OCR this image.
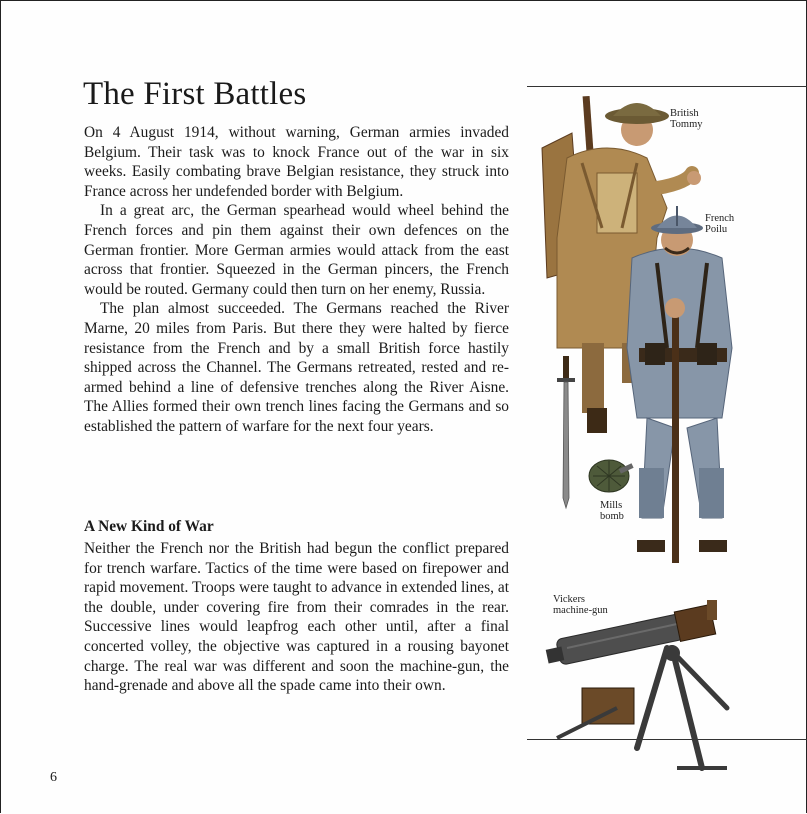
The First Battles

On 4 August 1914, without warning, German armies invaded Belgium. Their task was to knock France out of the war in six weeks. Easily combating brave Belgian resistance, they struck into France across her undefended border with Belgium.

In a great arc, the German spearhead would wheel behind the French forces and pin them against their own defences on the German frontier. More German armies would attack from the east across that frontier. Squeezed in the German pincers, the French would be routed. Germany could then turn on her enemy, Russia.

The plan almost succeeded. The Germans reached the River Marne, 20 miles from Paris. But there they were halted by fierce resistance from the French and by a small British force hastily shipped across the Channel. The Germans retreated, rested and re-armed behind a line of defensive trenches along the River Aisne. The Allies formed their own trench lines facing the Germans and so established the pattern of warfare for the next four years.

A New Kind of War

Neither the French nor the British had begun the conflict prepared for trench warfare. Tactics of the time were based on firepower and rapid movement. Troops were taught to advance in extended lines, at the double, under covering fire from their comrades in the rear. Successive lines would leapfrog each other until, after a final concerted volley, the objective was captured in a rousing bayonet charge. The real war was different and soon the machine-gun, the hand-grenade and above all the spade came into their own.

6
British
Tommy
French
Poilu
Mills
bomb
Vickers
machine-gun
